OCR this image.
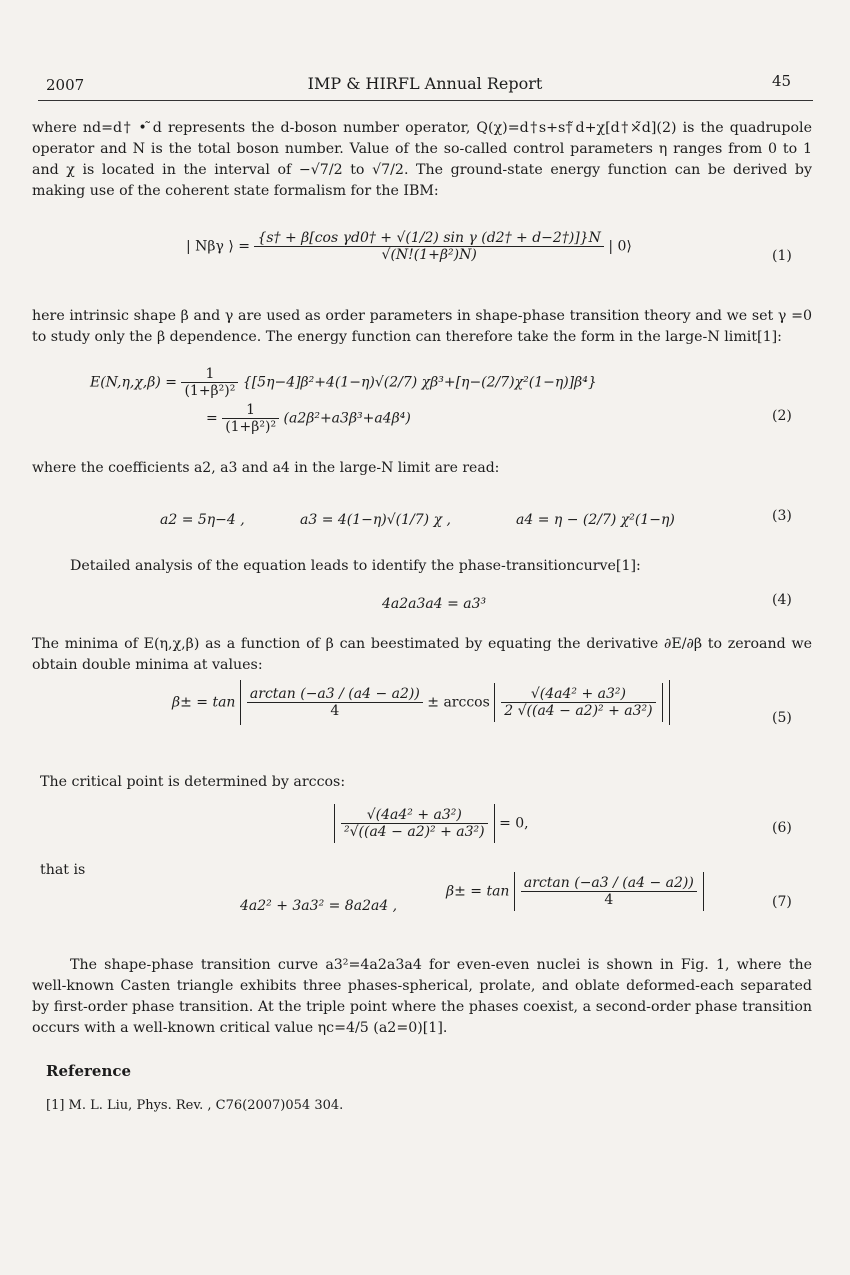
2007	IMP & HIRFL Annual Report	45
where nd=d† • ̃d represents the d-boson number operator, Q(χ)=d†s+s†̃d+χ[d†×̃d](2) is the quadrupole operator and N is the total boson number. Value of the so-called control parameters η ranges from 0 to 1 and χ is located in the interval of −√7/2 to √7/2. The ground-state energy function can be derived by making use of the coherent state formalism for the IBM:
| Nβγ ⟩ = $\frac{\text{\{s† + β[cos γd0† + √(1/2) sin γ (d2† + d−2†)]\}N}}{\text{√(N!(1+β²)N)}}$ | 0⟩
(1)
here intrinsic shape β and γ are used as order parameters in shape-phase transition theory and we set γ =0 to study only the β dependence. The energy function can therefore take the form in the large-N limit[1]:
$E(N,\eta,\chi,\beta) = \frac{1}{\text{(1+β²)²}} \{[5\eta-4]\beta^2+4(1-\eta)√(2/7)$ χβ³+[η−(2/7)χ²(1−η)]β⁴}
= $\frac{1}{\text{(1+β²)²}} (a2\beta^2+a3\beta^3+a4\beta^4)$	(2)
where the coefficients a2, a3 and a4 in the large-N limit are read:
a2 = 5η−4 ,	a3 = 4(1−η)√(1/7) χ ,	a4 = η − (2/7) χ²(1−η)	(3)
Detailed analysis of the equation leads to identify the phase-transitioncurve[1]:
4a2a3a4 = a3³	(4)
The minima of E(η,χ,β) as a function of β can beestimated by equating the derivative ∂E/∂β to zeroand we obtain double minima at values:
$\beta\pm = \tan \frac{\arctan (-a3 / (a4 - a2))}{4} \pm \arccos \frac{\text{√(4a4² + a3²)}}{\text{2 √((a4 − a2)² + a3²)}}$	(5)
The critical point is determined by arccos:
$\frac{\text{√(4a4² + a3²)}}{\text{²√((a4 − a2)² + a3²)}} = 0$,	(6)
that is
4a2² + 3a3² = 8a2a4 ,
$\beta\pm = \tan \frac{\arctan (-a3 / (a4 - a2))}{4}$	(7)
The shape-phase transition curve a3²=4a2a3a4 for even-even nuclei is shown in Fig. 1, where the well-known Casten triangle exhibits three phases-spherical, prolate, and oblate deformed-each separated by first-order phase transition. At the triple point where the phases coexist, a second-order phase transition occurs with a well-known critical value ηc=4/5 (a2=0)[1].
Reference
[1] M. L. Liu, Phys. Rev. , C76(2007)054 304.
